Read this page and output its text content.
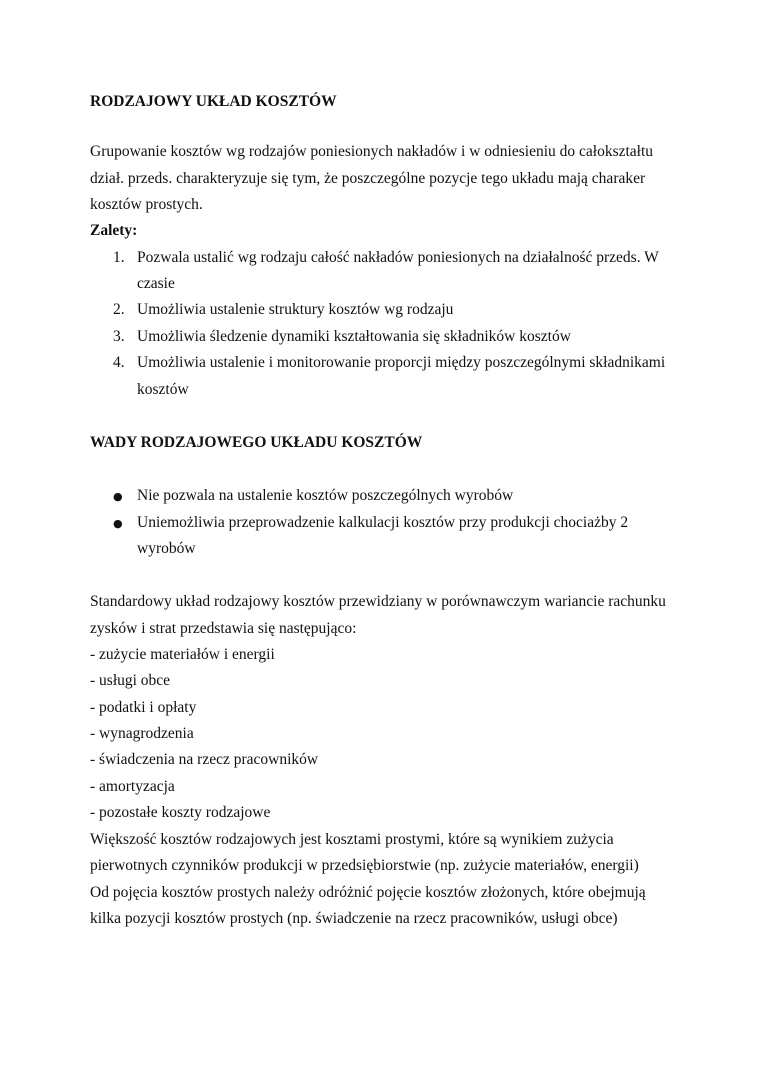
RODZAJOWY UKŁAD KOSZTÓW
Grupowanie kosztów wg rodzajów poniesionych nakładów i w odniesieniu do całokształtu
dział. przeds. charakteryzuje się tym, że poszczególne pozycje tego układu mają charaker
kosztów prostych.
Zalety:
1. Pozwala ustalić wg rodzaju całość nakładów poniesionych na działalność przeds. W
czasie
2. Umożliwia ustalenie struktury kosztów wg rodzaju
3. Umożliwia śledzenie dynamiki kształtowania się składników kosztów
4. Umożliwia ustalenie i monitorowanie proporcji między poszczególnymi składnikami
kosztów
WADY RODZAJOWEGO UKŁADU KOSZTÓW
● Nie pozwala na ustalenie kosztów poszczególnych wyrobów
● Uniemożliwia przeprowadzenie kalkulacji kosztów przy produkcji chociażby 2
wyrobów
Standardowy układ rodzajowy kosztów przewidziany w porównawczym wariancie rachunku
zysków i strat przedstawia się następująco:
- zużycie materiałów i energii
- usługi obce
- podatki i opłaty
- wynagrodzenia
- świadczenia na rzecz pracowników
- amortyzacja
- pozostałe koszty rodzajowe
Większość kosztów rodzajowych jest kosztami prostymi, które są wynikiem zużycia
pierwotnych czynników produkcji w przedsiębiorstwie (np. zużycie materiałów, energii)
Od pojęcia kosztów prostych należy odróżnić pojęcie kosztów złożonych, które obejmują
kilka pozycji kosztów prostych (np. świadczenie na rzecz pracowników, usługi obce)
